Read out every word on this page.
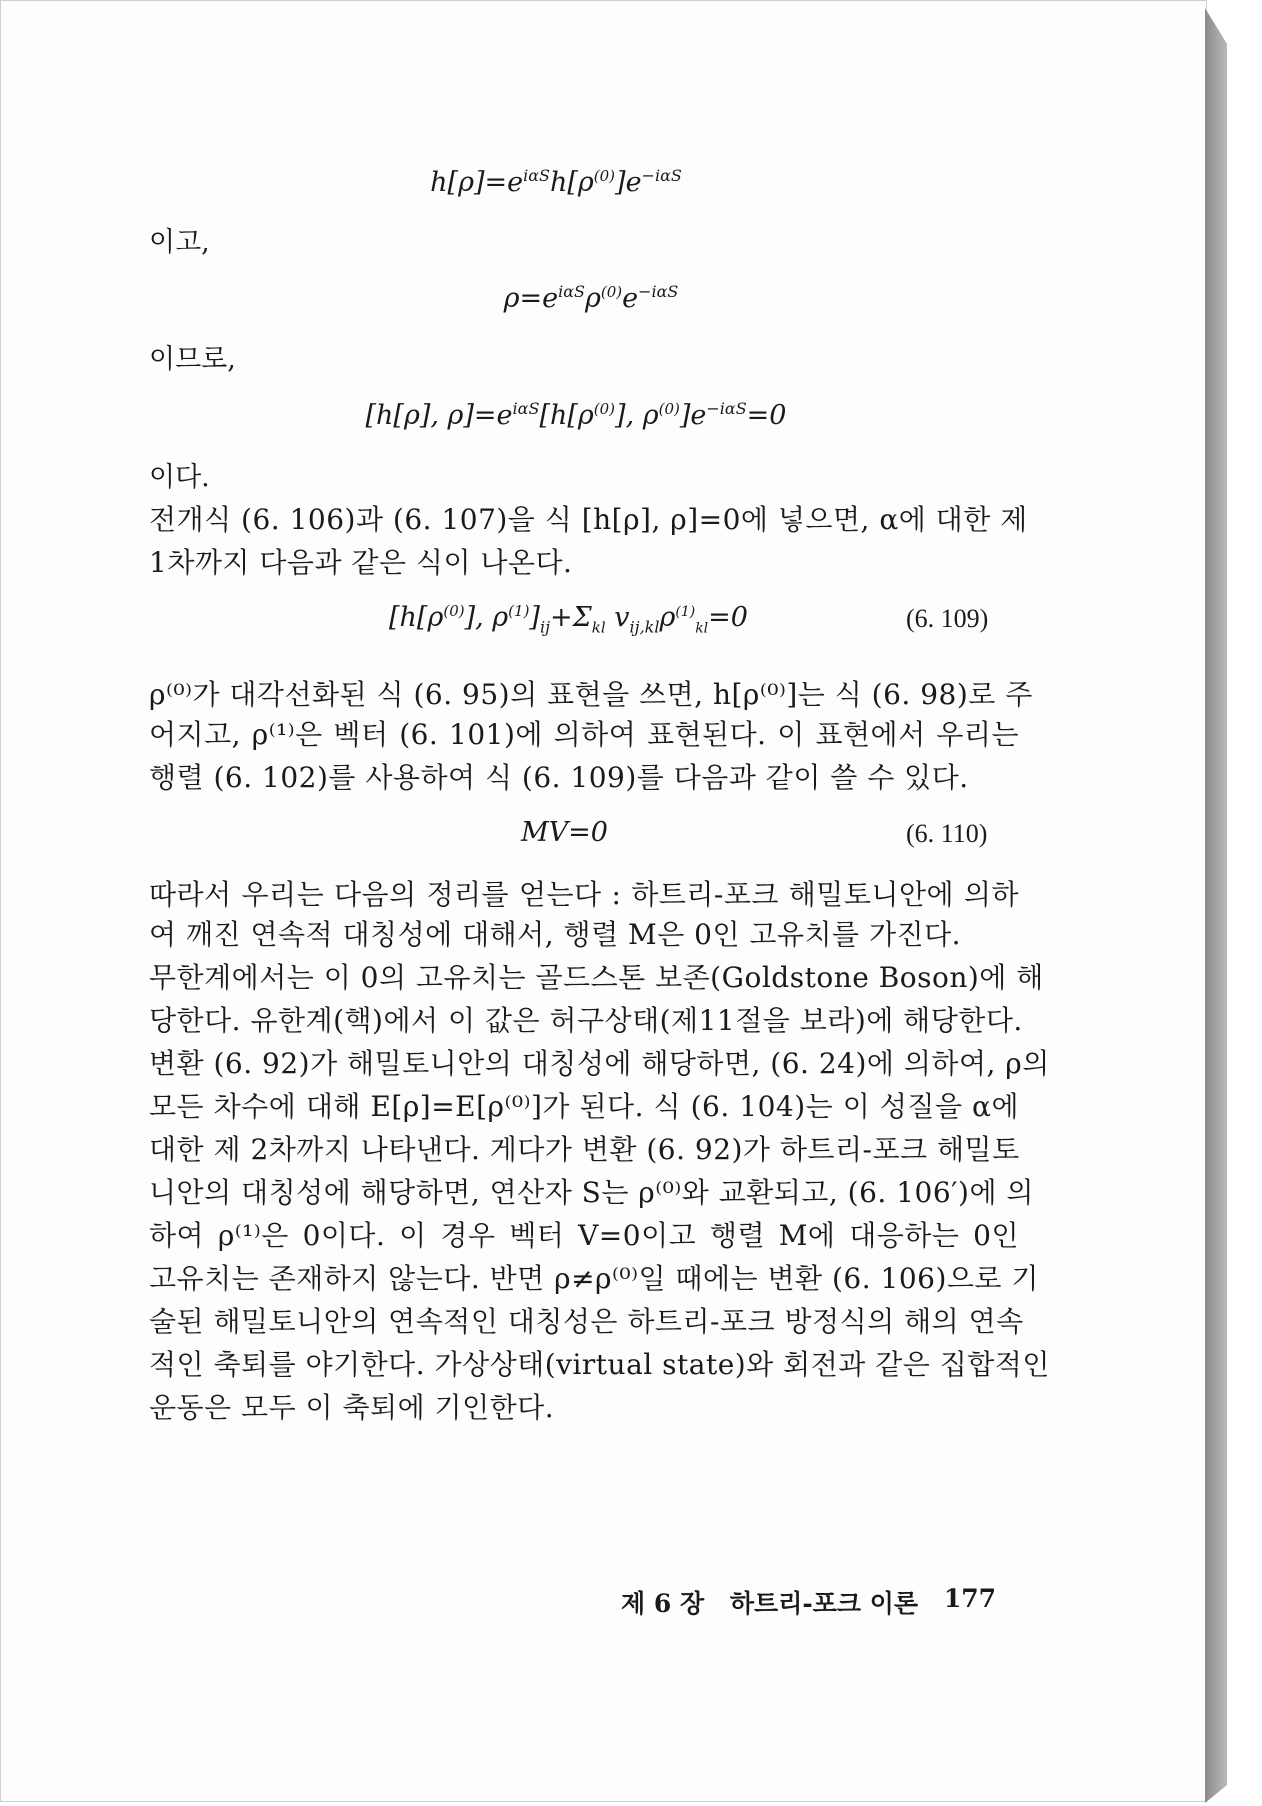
$h[\rho]=e^{i\alpha S}h[\rho^{(0)}]e^{-i\alpha S}$
이고,
$\rho=e^{i\alpha S}\rho^{(0)}e^{-i\alpha S}$
이므로,
[h[ρ], $\rho]=e^{i\alpha S}[h[\rho^{(0)}]$, $\rho^{(0)}]e^{-i\alpha S}=0$
이다.
전개식 (6. 106)과 (6. 107)을 식 [h[ρ], ρ]=0에 넣으면, α에 대한 제
1차까지 다음과 같은 식이 나온다.
[$h[\rho^{(0)}]$, $\rho^{(1)}]_{ij}+\Sigma_{kl}$ $v_{ij,kl}\rho^{(1)}_{kl}=0$	(6. 109)
ρ⁽⁰⁾가 대각선화된 식 (6. 95)의 표현을 쓰면, h[ρ⁽⁰⁾]는 식 (6. 98)로 주
어지고, ρ⁽¹⁾은 벡터 (6. 101)에 의하여 표현된다. 이 표현에서 우리는
행렬 (6. 102)를 사용하여 식 (6. 109)를 다음과 같이 쓸 수 있다.
MV=0	(6. 110)
따라서 우리는 다음의 정리를 얻는다 : 하트리-포크 해밀토니안에 의하
여 깨진 연속적 대칭성에 대해서, 행렬 M은 0인 고유치를 가진다.
무한계에서는 이 0의 고유치는 골드스톤 보존(Goldstone Boson)에 해
당한다. 유한계(핵)에서 이 값은 허구상태(제11절을 보라)에 해당한다.
변환 (6. 92)가 해밀토니안의 대칭성에 해당하면, (6. 24)에 의하여, ρ의
모든 차수에 대해 E[ρ]=E[ρ⁽⁰⁾]가 된다. 식 (6. 104)는 이 성질을 α에
대한 제 2차까지 나타낸다. 게다가 변환 (6. 92)가 하트리-포크 해밀토
니안의 대칭성에 해당하면, 연산자 S는 ρ⁽⁰⁾와 교환되고, (6. 106′)에 의
하여 ρ⁽¹⁾은 0이다. 이 경우 벡터 V=0이고 행렬 M에 대응하는 0인
고유치는 존재하지 않는다. 반면 ρ≠ρ⁽⁰⁾일 때에는 변환 (6. 106)으로 기
술된 해밀토니안의 연속적인 대칭성은 하트리-포크 방정식의 해의 연속
적인 축퇴를 야기한다. 가상상태(virtual state)와 회전과 같은 집합적인
운동은 모두 이 축퇴에 기인한다.
제 6 장 하트리-포크 이론 177
